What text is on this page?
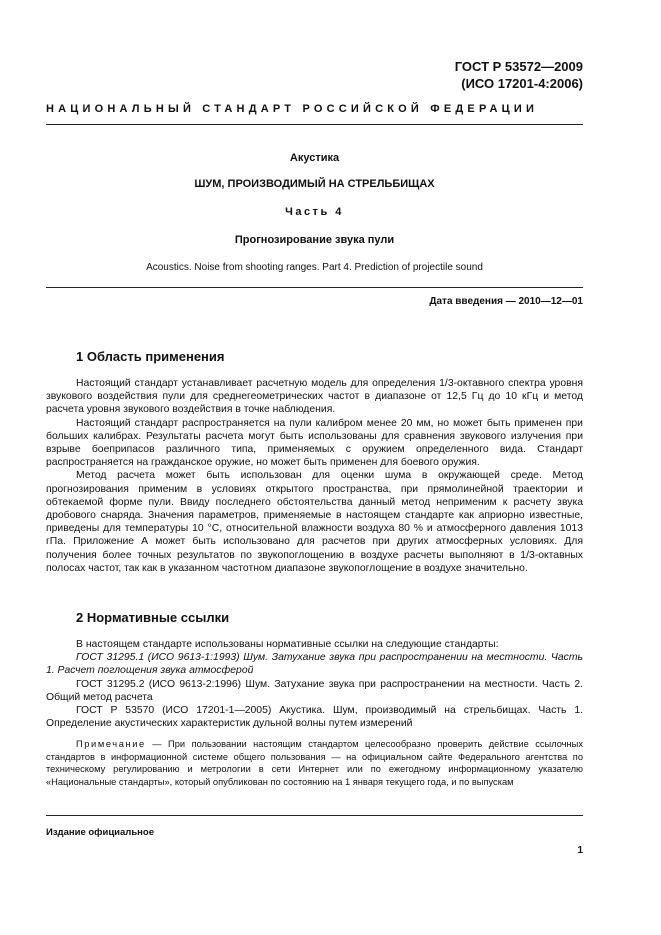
ГОСТ Р 53572—2009
(ИСО 17201-4:2006)
НАЦИОНАЛЬНЫЙ СТАНДАРТ РОССИЙСКОЙ ФЕДЕРАЦИИ
Акустика
ШУМ, ПРОИЗВОДИМЫЙ НА СТРЕЛЬБИЩАХ
Часть 4
Прогнозирование звука пули
Acoustics. Noise from shooting ranges. Part 4. Prediction of projectile sound
Дата введения — 2010—12—01
1 Область применения

Настоящий стандарт устанавливает расчетную модель для определения 1/3-октавного спектра уровня звукового воздействия пули для среднегеометрических частот в диапазоне от 12,5 Гц до 10 кГц и метод расчета уровня звукового воздействия в точке наблюдения.

Настоящий стандарт распространяется на пули калибром менее 20 мм, но может быть применен при больших калибрах. Результаты расчета могут быть использованы для сравнения звукового излучения при взрыве боеприпасов различного типа, применяемых с оружием определенного вида. Стандарт распространяется на гражданское оружие, но может быть применен для боевого оружия.

Метод расчета может быть использован для оценки шума в окружающей среде. Метод прогнозирования применим в условиях открытого пространства, при прямолинейной траектории и обтекаемой форме пули. Ввиду последнего обстоятельства данный метод неприменим к расчету звука дробового снаряда. Значения параметров, применяемые в настоящем стандарте как априорно известные, приведены для температуры 10 °С, относительной влажности воздуха 80 % и атмосферного давления 1013 гПа. Приложение А может быть использовано для расчетов при других атмосферных условиях. Для получения более точных результатов по звукопоглощению в воздухе расчеты выполняют в 1/3-октавных полосах частот, так как в указанном частотном диапазоне звукопоглощение в воздухе значительно.

2 Нормативные ссылки

В настоящем стандарте использованы нормативные ссылки на следующие стандарты:

ГОСТ 31295.1 (ИСО 9613-1:1993) Шум. Затухание звука при распространении на местности. Часть 1. Расчет поглощения звука атмосферой

ГОСТ 31295.2 (ИСО 9613-2:1996) Шум. Затухание звука при распространении на местности. Часть 2. Общий метод расчета

ГОСТ Р 53570 (ИСО 17201-1—2005) Акустика. Шум, производимый на стрельбищах. Часть 1. Определение акустических характеристик дульной волны путем измерений

Примечание — При пользовании настоящим стандартом целесообразно проверить действие ссылочных стандартов в информационной системе общего пользования — на официальном сайте Федерального агентства по техническому регулированию и метрологии в сети Интернет или по ежегодному информационному указателю «Национальные стандарты», который опубликован по состоянию на 1 января текущего года, и по выпускам
Издание официальное
1
